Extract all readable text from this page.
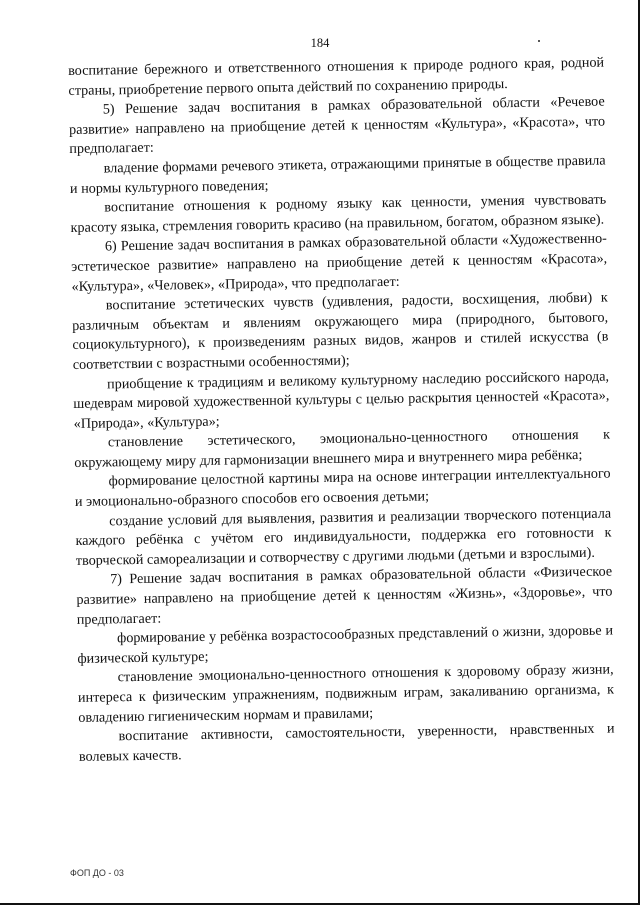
184

воспитание бережного и ответственного отношения к природе родного края, родной страны, приобретение первого опыта действий по сохранению природы.

5) Решение задач воспитания в рамках образовательной области «Речевое развитие» направлено на приобщение детей к ценностям «Культура», «Красота», что предполагает:

владение формами речевого этикета, отражающими принятые в обществе правила и нормы культурного поведения;

воспитание отношения к родному языку как ценности, умения чувствовать красоту языка, стремления говорить красиво (на правильном, богатом, образном языке).

6) Решение задач воспитания в рамках образовательной области «Художественно-эстетическое развитие» направлено на приобщение детей к ценностям «Красота», «Культура», «Человек», «Природа», что предполагает:

воспитание эстетических чувств (удивления, радости, восхищения, любви) к различным объектам и явлениям окружающего мира (природного, бытового, социокультурного), к произведениям разных видов, жанров и стилей искусства (в соответствии с возрастными особенностями);

приобщение к традициям и великому культурному наследию российского народа, шедеврам мировой художественной культуры с целью раскрытия ценностей «Красота», «Природа», «Культура»;

становление эстетического, эмоционально-ценностного отношения к окружающему миру для гармонизации внешнего мира и внутреннего мира ребёнка;

формирование целостной картины мира на основе интеграции интеллектуального и эмоционально-образного способов его освоения детьми;

создание условий для выявления, развития и реализации творческого потенциала каждого ребёнка с учётом его индивидуальности, поддержка его готовности к творческой самореализации и сотворчеству с другими людьми (детьми и взрослыми).

7) Решение задач воспитания в рамках образовательной области «Физическое развитие» направлено на приобщение детей к ценностям «Жизнь», «Здоровье», что предполагает:

формирование у ребёнка возрастосообразных представлений о жизни, здоровье и физической культуре;

становление эмоционально-ценностного отношения к здоровому образу жизни, интереса к физическим упражнениям, подвижным играм, закаливанию организма, к овладению гигиеническим нормам и правилами;

воспитание активности, самостоятельности, уверенности, нравственных и волевых качеств.

ФОП ДО - 03
